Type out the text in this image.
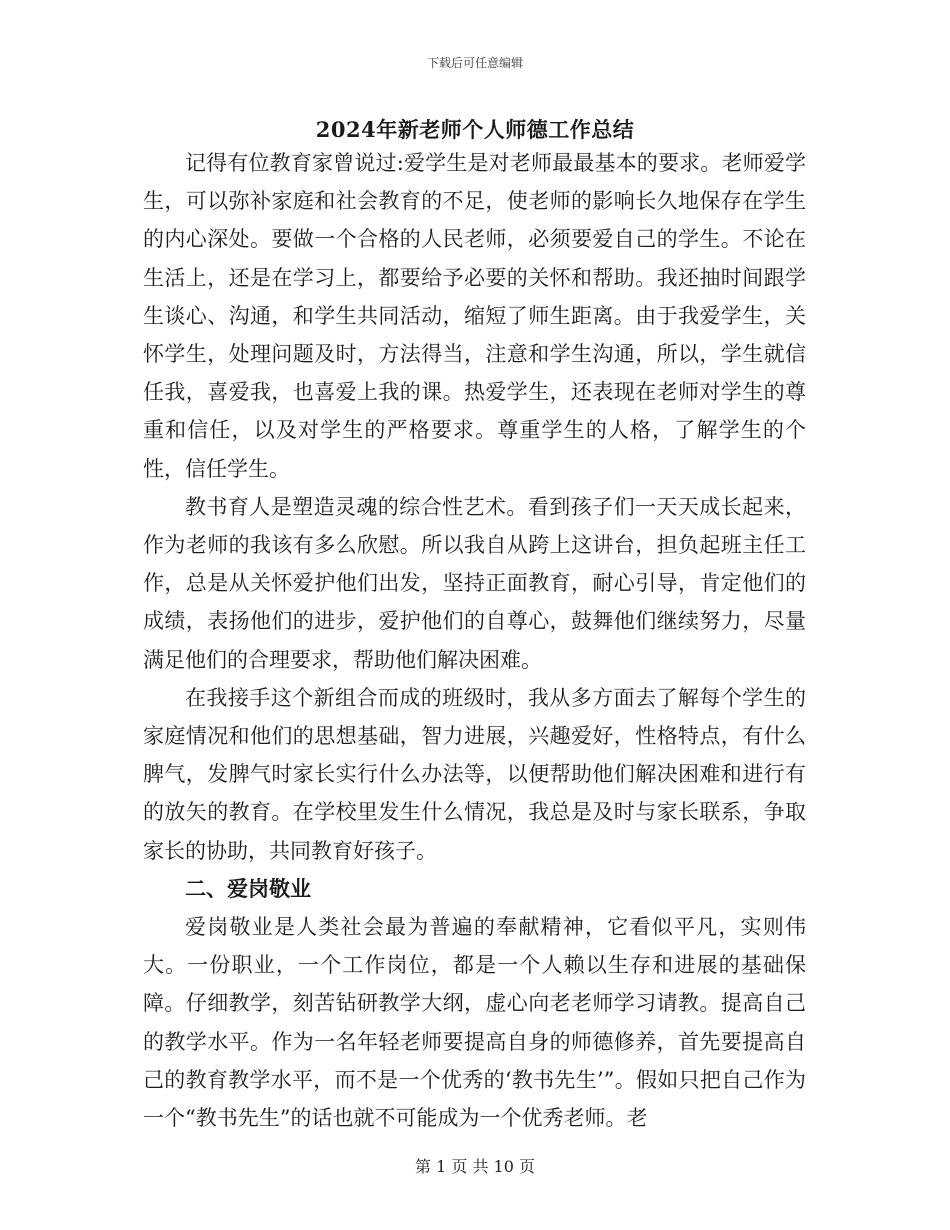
下载后可任意编辑
2024年新老师个人师德工作总结

记得有位教育家曾说过:爱学生是对老师最最基本的要求。老师爱学生，可以弥补家庭和社会教育的不足，使老师的影响长久地保存在学生的内心深处。要做一个合格的人民老师，必须要爱自己的学生。不论在生活上，还是在学习上，都要给予必要的关怀和帮助。我还抽时间跟学生谈心、沟通，和学生共同活动，缩短了师生距离。由于我爱学生，关怀学生，处理问题及时，方法得当，注意和学生沟通，所以，学生就信任我，喜爱我，也喜爱上我的课。热爱学生，还表现在老师对学生的尊重和信任，以及对学生的严格要求。尊重学生的人格，了解学生的个性，信任学生。

教书育人是塑造灵魂的综合性艺术。看到孩子们一天天成长起来，作为老师的我该有多么欣慰。所以我自从跨上这讲台，担负起班主任工作，总是从关怀爱护他们出发，坚持正面教育，耐心引导，肯定他们的成绩，表扬他们的进步，爱护他们的自尊心，鼓舞他们继续努力，尽量满足他们的合理要求，帮助他们解决困难。

在我接手这个新组合而成的班级时，我从多方面去了解每个学生的家庭情况和他们的思想基础，智力进展，兴趣爱好，性格特点，有什么脾气，发脾气时家长实行什么办法等，以便帮助他们解决困难和进行有的放矢的教育。在学校里发生什么情况，我总是及时与家长联系，争取家长的协助，共同教育好孩子。

二、爱岗敬业

爱岗敬业是人类社会最为普遍的奉献精神，它看似平凡，实则伟大。一份职业，一个工作岗位，都是一个人赖以生存和进展的基础保障。仔细教学，刻苦钻研教学大纲，虚心向老老师学习请教。提高自己的教学水平。作为一名年轻老师要提高自身的师德修养，首先要提高自己的教育教学水平，而不是一个优秀的‘教书先生’”。假如只把自己作为一个“教书先生”的话也就不可能成为一个优秀老师。老

第 1 页 共 10 页
